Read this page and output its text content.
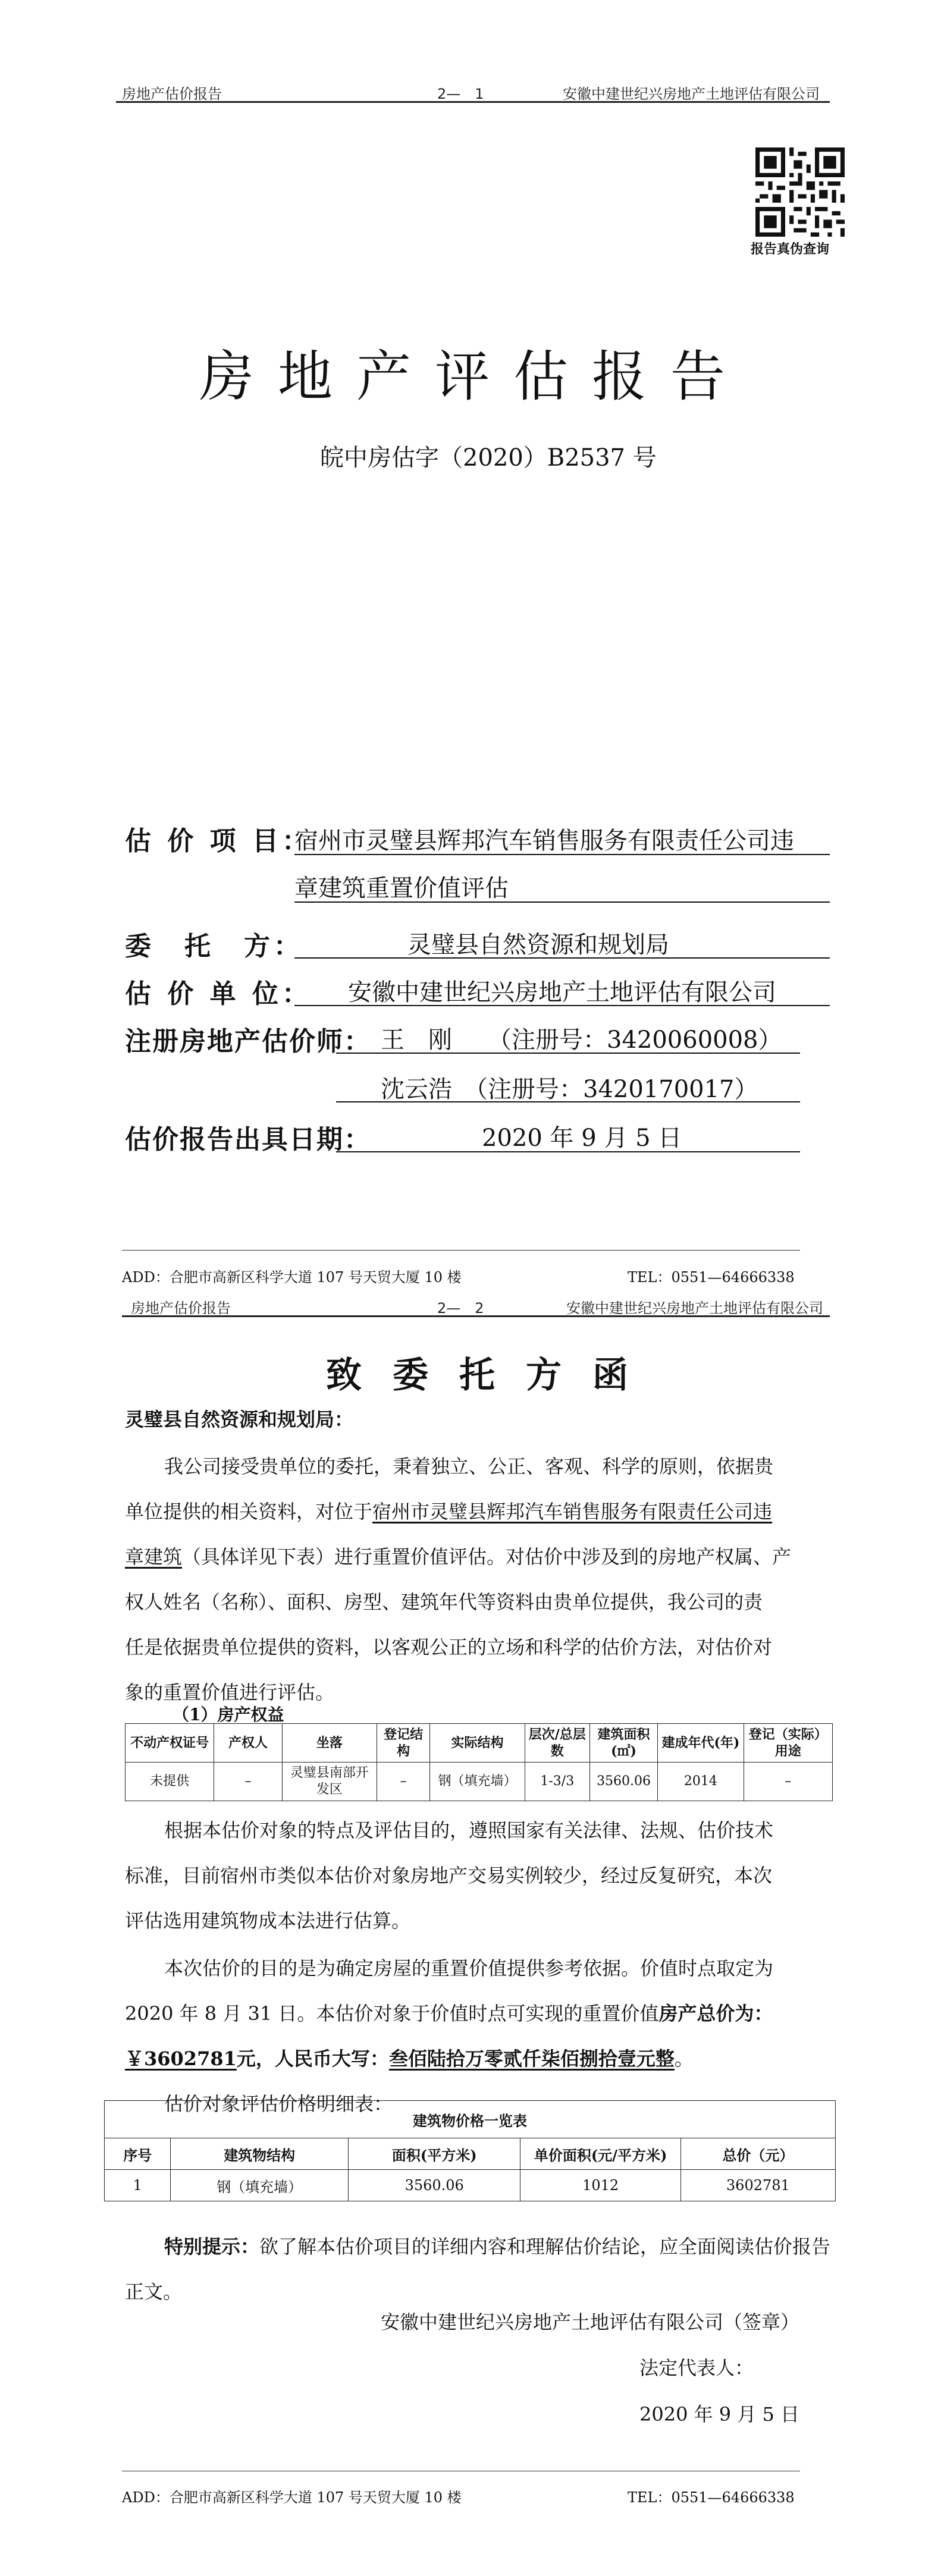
房地产估价报告	2—　1	安徽中建世纪兴房地产土地评估有限公司
报告真伪查询
房地产评估报告
皖中房估字（2020）B2537 号
估 价 项 目：
宿州市灵璧县辉邦汽车销售服务有限责任公司违
章建筑重置价值评估
委　托　方：	灵璧县自然资源和规划局
估 价 单 位： 安徽中建世纪兴房地产土地评估有限公司
注册房地产估价师： 王　刚　　（注册号：3420060008）
沈云浩　（注册号：3420170017）
估价报告出具日期：	2020 年 9 月 5 日
ADD：合肥市高新区科学大道 107 号天贸大厦 10 楼	TEL：0551—64666338
房地产估价报告	2—　2	安徽中建世纪兴房地产土地评估有限公司
致委托方函
灵璧县自然资源和规划局：
我公司接受贵单位的委托，秉着独立、公正、客观、科学的原则，依据贵
单位提供的相关资料，对位于宿州市灵璧县辉邦汽车销售服务有限责任公司违
章建筑（具体详见下表）进行重置价值评估。对估价中涉及到的房地产权属、产
权人姓名（名称）、面积、房型、建筑年代等资料由贵单位提供，我公司的责
任是依据贵单位提供的资料，以客观公正的立场和科学的估价方法，对估价对
象的重置价值进行评估。
（1）房产权益
不动产权证号	产权人	坐落	登记结构	实际结构	层次/总层数	建筑面积(㎡)	建成年代(年)	登记（实际）用途
未提供	–	灵璧县南部开发区	–	钢（填充墙）	1-3/3	3560.06	2014	–
根据本估价对象的特点及评估目的，遵照国家有关法律、法规、估价技术
标准，目前宿州市类似本估价对象房地产交易实例较少，经过反复研究，本次
评估选用建筑物成本法进行估算。
本次估价的目的是为确定房屋的重置价值提供参考依据。价值时点取定为
2020 年 8 月 31 日。本估价对象于价值时点可实现的重置价值房产总价为：
￥3602781元，人民币大写：叁佰陆拾万零贰仟柒佰捌拾壹元整。
估价对象评估价格明细表：
建筑物价格一览表				
序号	建筑物结构	面积(平方米)	单价面积(元/平方米)	总价（元）
1	钢（填充墙）	3560.06	1012	3602781
特别提示：欲了解本估价项目的详细内容和理解估价结论，应全面阅读估价报告
正文。
安徽中建世纪兴房地产土地评估有限公司（签章）
法定代表人：
2020 年 9 月 5 日
ADD：合肥市高新区科学大道 107 号天贸大厦 10 楼	TEL：0551—64666338
